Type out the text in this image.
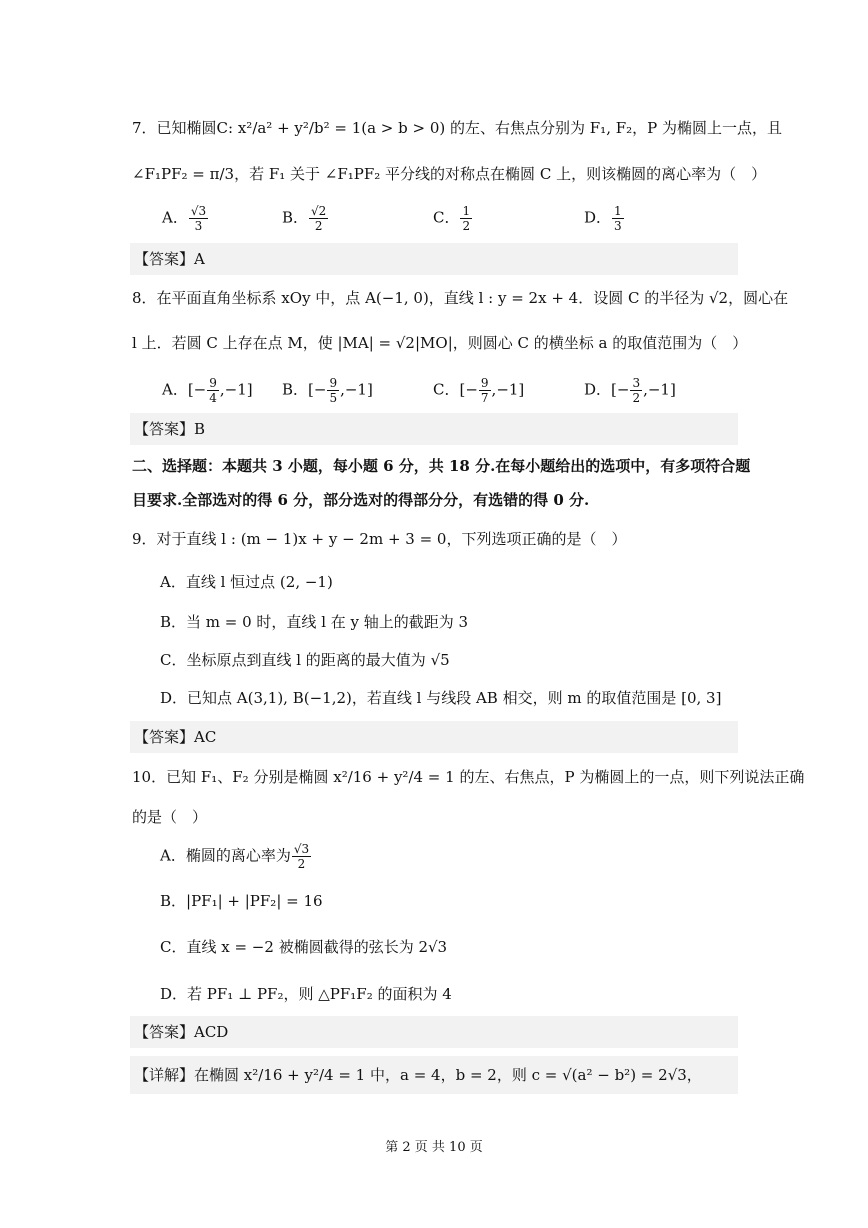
7．已知椭圆C: x²/a² + y²/b² = 1(a > b > 0) 的左、右焦点分别为 F₁, F₂，P 为椭圆上一点，且
∠F₁PF₂ = π/3，若 F₁ 关于 ∠F₁PF₂ 平分线的对称点在椭圆 C 上，则该椭圆的离心率为（　）
A． $\frac{√3}{3}$	B． $\frac{√2}{2}$	C． $\frac{1}{2}$	D． $\frac{1}{3}$
【答案】A
8．在平面直角坐标系 xOy 中，点 A(−1, 0)，直线 l : y = 2x + 4．设圆 C 的半径为 √2，圆心在
l 上．若圆 C 上存在点 M，使 |MA| = √2|MO|，则圆心 C 的横坐标 a 的取值范围为（　）
A．[− $\frac{9}{4} ,-1$] B．[− $\frac{9}{5} ,-1$]	C．[− $\frac{9}{7} ,-1$]	D．[− $\frac{3}{2} ,-1$]
【答案】B
二、选择题：本题共 3 小题，每小题 6 分，共 18 分.在每小题给出的选项中，有多项符合题
目要求.全部选对的得 6 分，部分选对的得部分分，有选错的得 0 分.
9．对于直线 l : (m − 1)x + y − 2m + 3 = 0，下列选项正确的是（　）
A．直线 l 恒过点 (2, −1)
B．当 m = 0 时，直线 l 在 y 轴上的截距为 3
C．坐标原点到直线 l 的距离的最大值为 √5
D．已知点 A(3,1), B(−1,2)，若直线 l 与线段 AB 相交，则 m 的取值范围是 [0, 3]
【答案】AC
10．已知 F₁、F₂ 分别是椭圆 x²/16 + y²/4 = 1 的左、右焦点，P 为椭圆上的一点，则下列说法正确
的是（　）
A．椭圆的离心率为 $\frac{√3}{2}$
B．|PF₁| + |PF₂| = 16
C．直线 x = −2 被椭圆截得的弦长为 2√3
D．若 PF₁ ⊥ PF₂，则 △PF₁F₂ 的面积为 4
【答案】ACD
【详解】在椭圆 x²/16 + y²/4 = 1 中，a = 4，b = 2，则 c = √(a² − b²) = 2√3，
第 2 页 共 10 页
